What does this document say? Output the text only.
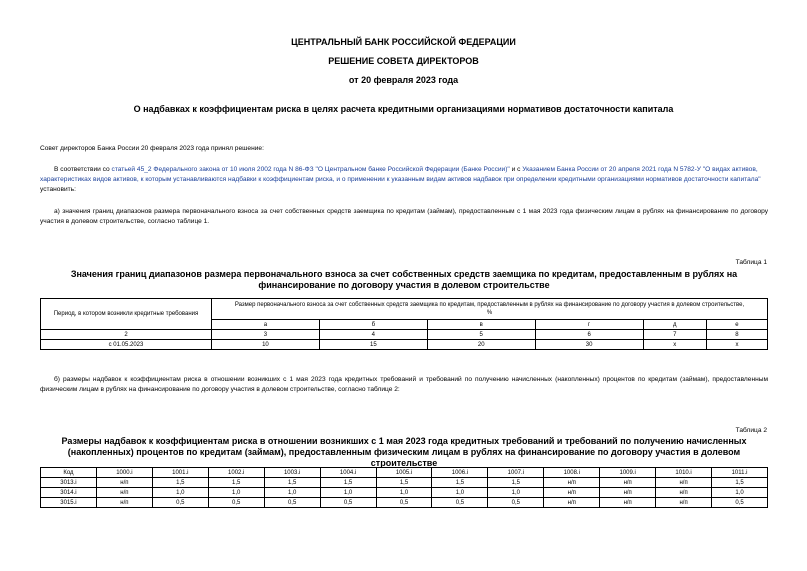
ЦЕНТРАЛЬНЫЙ БАНК РОССИЙСКОЙ ФЕДЕРАЦИИ
РЕШЕНИЕ СОВЕТА ДИРЕКТОРОВ
от 20 февраля 2023 года
О надбавках к коэффициентам риска в целях расчета кредитными организациями нормативов достаточности капитала
Совет директоров Банка России 20 февраля 2023 года принял решение:
В соответствии со статьей 45_2 Федерального закона от 10 июля 2002 года N 86-ФЗ "О Центральном банке Российской Федерации (Банке России)" и с Указанием Банка России от 20 апреля 2021 года N 5782-У "О видах активов, характеристиках видов активов, к которым устанавливаются надбавки к коэффициентам риска, и о применении к указанным видам активов надбавок при определении кредитными организациями нормативов достаточности капитала" установить:
а) значения границ диапазонов размера первоначального взноса за счет собственных средств заемщика по кредитам (займам), предоставленным с 1 мая 2023 года физическим лицам в рублях на финансирование по договору участия в долевом строительстве, согласно таблице 1.
Таблица 1
Значения границ диапазонов размера первоначального взноса за счет собственных средств заемщика по кредитам, предоставленным в рублях на финансирование по договору участия в долевом строительстве
Период, в котором возникли кредитные требования	Размер первоначального взноса за счет собственных средств заемщика по кредитам, предоставленным в рублях на финансирование по договору участия в долевом строительстве, %					
	а	б	в	г	д	е
2	3	4	5	6	7	8
с 01.05.2023	10	15	20	30	х	х
б) размеры надбавок к коэффициентам риска в отношении возникших с 1 мая 2023 года кредитных требований и требований по получению начисленных (накопленных) процентов по кредитам (займам), предоставленным физическим лицам в рублях на финансирование по договору участия в долевом строительстве, согласно таблице 2:
Таблица 2
Размеры надбавок к коэффициентам риска в отношении возникших с 1 мая 2023 года кредитных требований и требований по получению начисленных (накопленных) процентов по кредитам (займам), предоставленным физическим лицам в рублях на финансирование по договору участия в долевом строительстве
Код	1000.i	1001.i	1002.i	1003.i	1004.i	1005.i	1006.i	1007.i	1008.i	1009.i	1010.i	1011.i
3013.i	н/п	1,5	1,5	1,5	1,5	1,5	1,5	1,5	н/п	н/п	н/п	1,5
3014.i	н/п	1,0	1,0	1,0	1,0	1,0	1,0	1,0	н/п	н/п	н/п	1,0
3015.i	н/п	0,5	0,5	0,5	0,5	0,5	0,5	0,5	н/п	н/п	н/п	0,5
